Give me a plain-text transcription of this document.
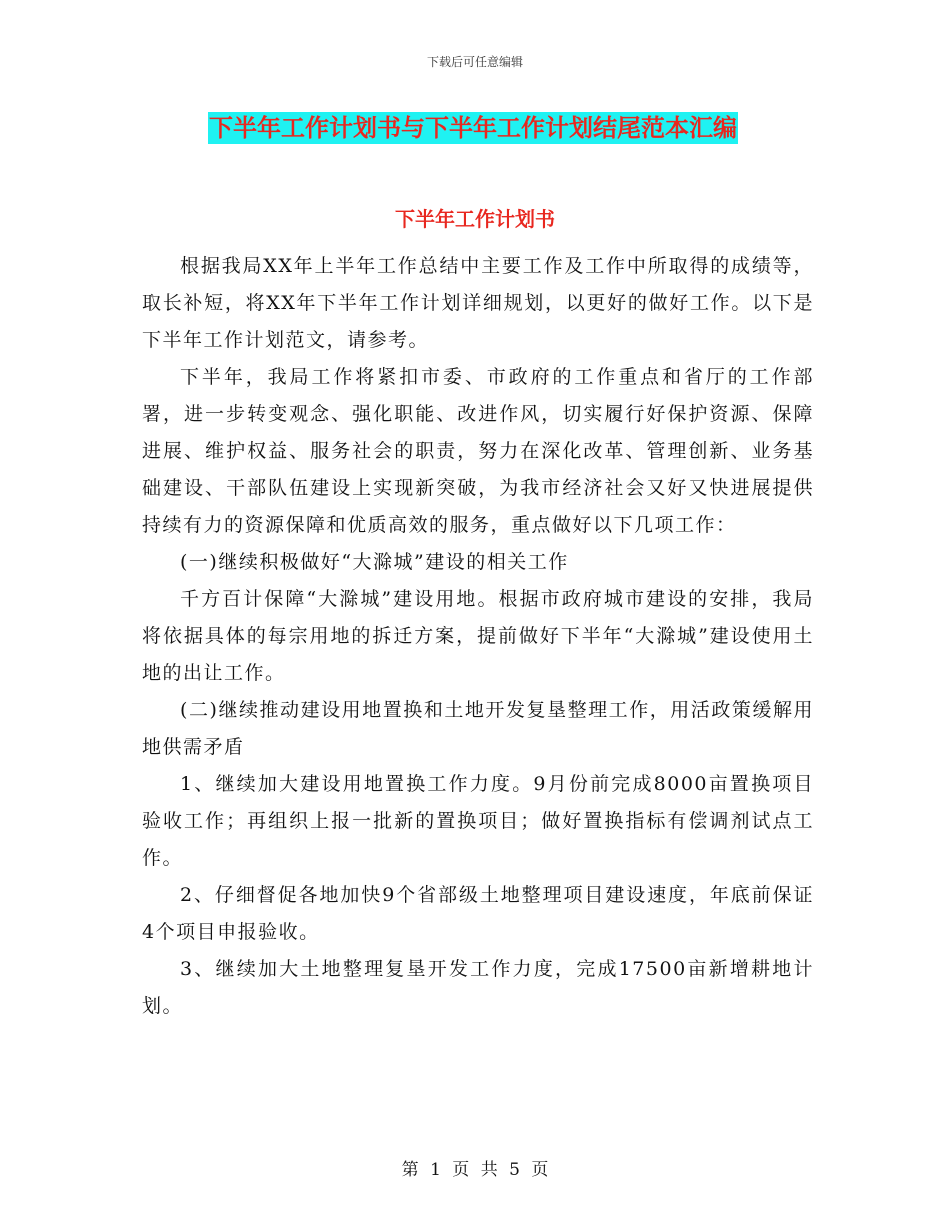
下载后可任意编辑
下半年工作计划书与下半年工作计划结尾范本汇编
下半年工作计划书

根据我局XX年上半年工作总结中主要工作及工作中所取得的成绩等，取长补短，将XX年下半年工作计划详细规划，以更好的做好工作。以下是下半年工作计划范文，请参考。

下半年，我局工作将紧扣市委、市政府的工作重点和省厅的工作部署，进一步转变观念、强化职能、改进作风，切实履行好保护资源、保障进展、维护权益、服务社会的职责，努力在深化改革、管理创新、业务基础建设、干部队伍建设上实现新突破，为我市经济社会又好又快进展提供持续有力的资源保障和优质高效的服务，重点做好以下几项工作：

(一)继续积极做好“大滁城”建设的相关工作

千方百计保障“大滁城”建设用地。根据市政府城市建设的安排，我局将依据具体的每宗用地的拆迁方案，提前做好下半年“大滁城”建设使用土地的出让工作。

(二)继续推动建设用地置换和土地开发复垦整理工作，用活政策缓解用地供需矛盾

1、继续加大建设用地置换工作力度。9月份前完成8000亩置换项目验收工作；再组织上报一批新的置换项目；做好置换指标有偿调剂试点工作。

2、仔细督促各地加快9个省部级土地整理项目建设速度，年底前保证4个项目申报验收。

3、继续加大土地整理复垦开发工作力度，完成17500亩新增耕地计划。

第 1 页 共 5 页
